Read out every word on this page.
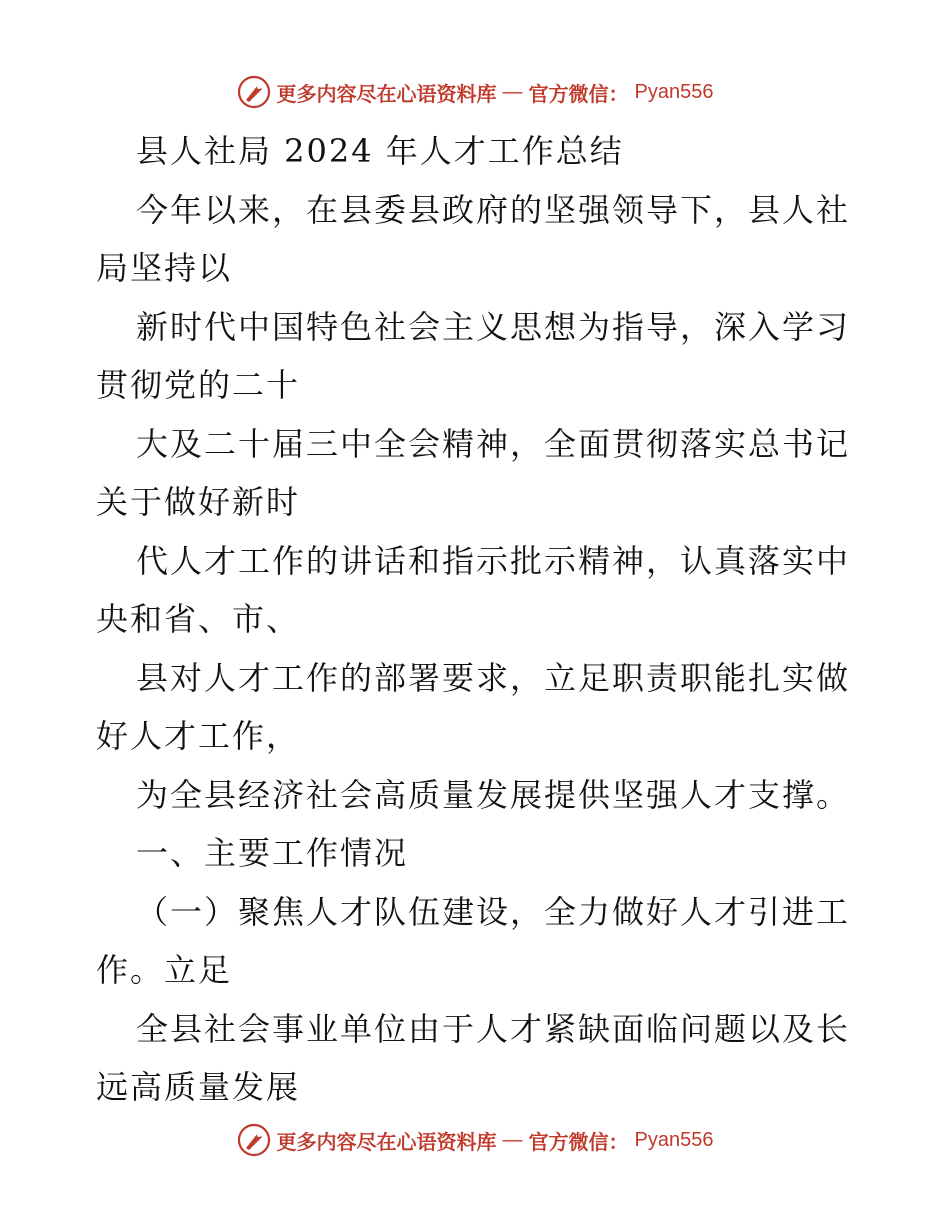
更多内容尽在心语资料库 — 官方微信： Pyan556
县人社局 2024 年人才工作总结
今年以来，在县委县政府的坚强领导下，县人社
局坚持以
新时代中国特色社会主义思想为指导，深入学习
贯彻党的二十
大及二十届三中全会精神，全面贯彻落实总书记
关于做好新时
代人才工作的讲话和指示批示精神，认真落实中
央和省、市、
县对人才工作的部署要求，立足职责职能扎实做
好人才工作，
为全县经济社会高质量发展提供坚强人才支撑。
一、主要工作情况
（一）聚焦人才队伍建设，全力做好人才引进工
作。立足
全县社会事业单位由于人才紧缺面临问题以及长
远高质量发展
更多内容尽在心语资料库 — 官方微信： Pyan556
